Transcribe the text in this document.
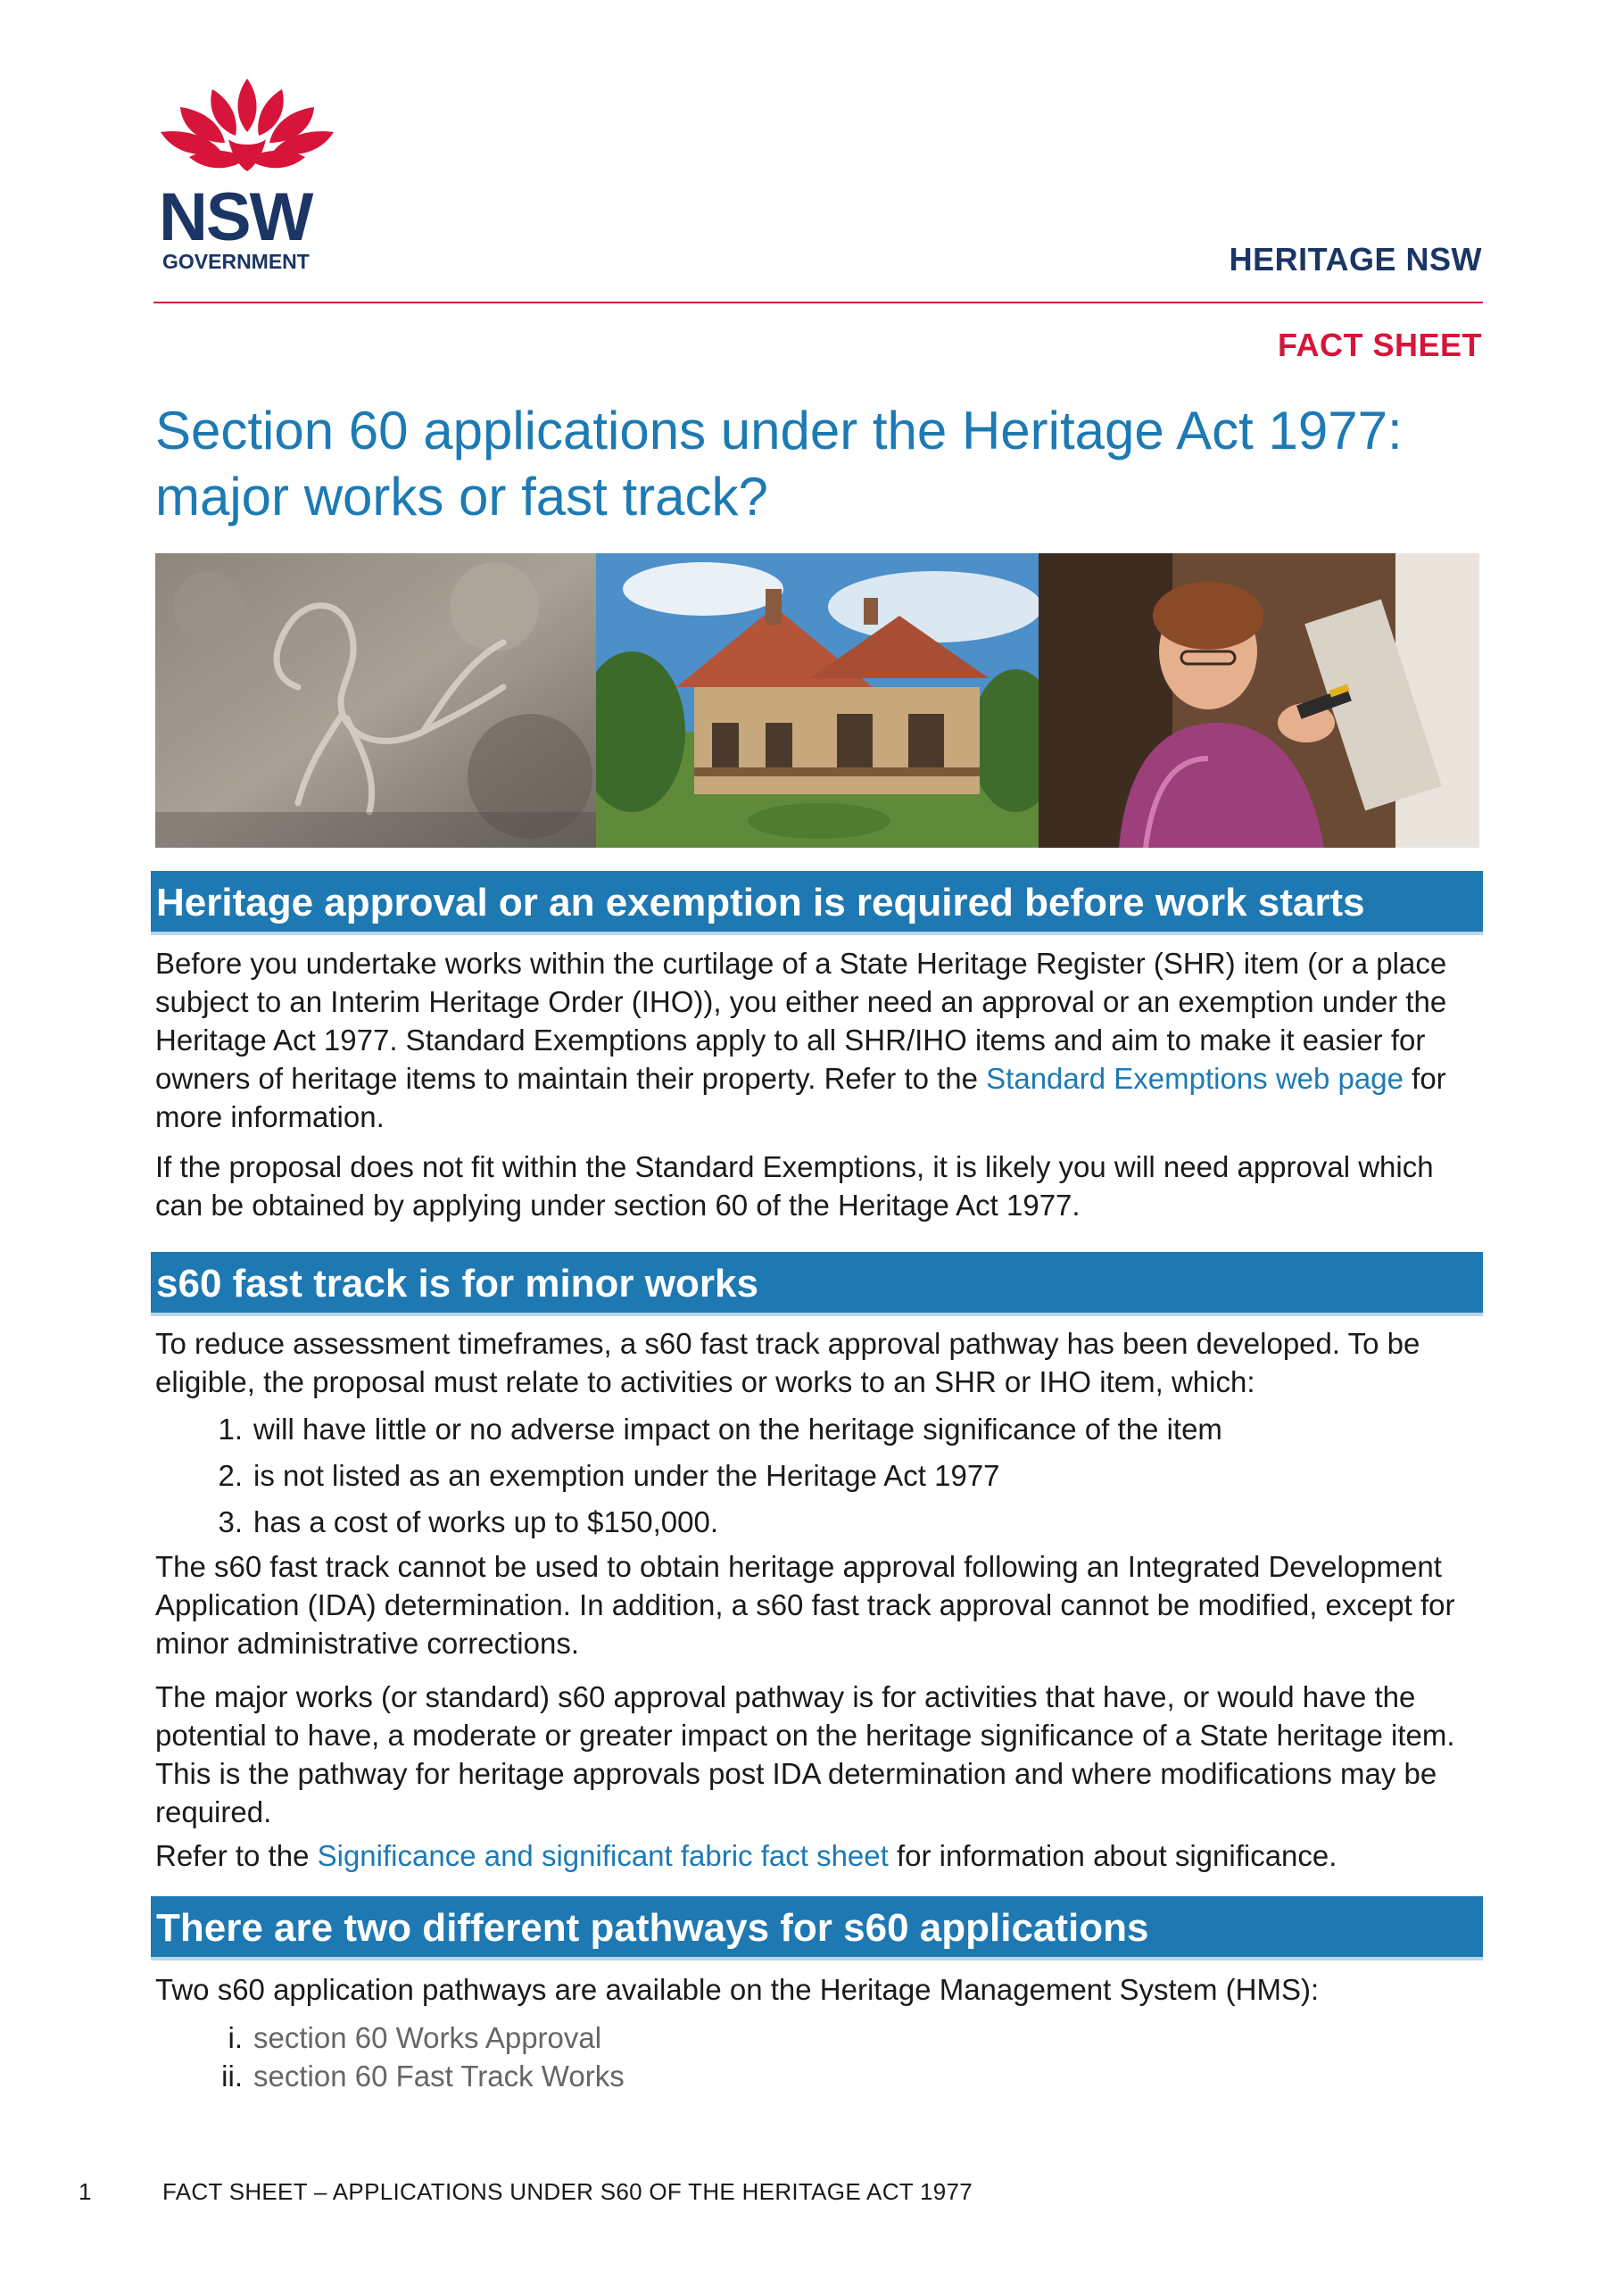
NSW
GOVERNMENT	HERITAGE NSW
FACT SHEET
Section 60 applications under the Heritage Act 1977: major works or fast track?
Heritage approval or an exemption is required before work starts

Before you undertake works within the curtilage of a State Heritage Register (SHR) item (or a place subject to an Interim Heritage Order (IHO)), you either need an approval or an exemption under the Heritage Act 1977. Standard Exemptions apply to all SHR/IHO items and aim to make it easier for owners of heritage items to maintain their property. Refer to the Standard Exemptions web page for more information.

If the proposal does not fit within the Standard Exemptions, it is likely you will need approval which can be obtained by applying under section 60 of the Heritage Act 1977.

s60 fast track is for minor works

To reduce assessment timeframes, a s60 fast track approval pathway has been developed. To be eligible, the proposal must relate to activities or works to an SHR or IHO item, which:

1. will have little or no adverse impact on the heritage significance of the item
2. is not listed as an exemption under the Heritage Act 1977
3. has a cost of works up to $150,000.

The s60 fast track cannot be used to obtain heritage approval following an Integrated Development Application (IDA) determination. In addition, a s60 fast track approval cannot be modified, except for minor administrative corrections.

The major works (or standard) s60 approval pathway is for activities that have, or would have the potential to have, a moderate or greater impact on the heritage significance of a State heritage item. This is the pathway for heritage approvals post IDA determination and where modifications may be required.

Refer to the Significance and significant fabric fact sheet for information about significance.

There are two different pathways for s60 applications

Two s60 application pathways are available on the Heritage Management System (HMS):

i. section 60 Works Approval
ii. section 60 Fast Track Works
1	FACT SHEET – APPLICATIONS UNDER S60 OF THE HERITAGE ACT 1977
